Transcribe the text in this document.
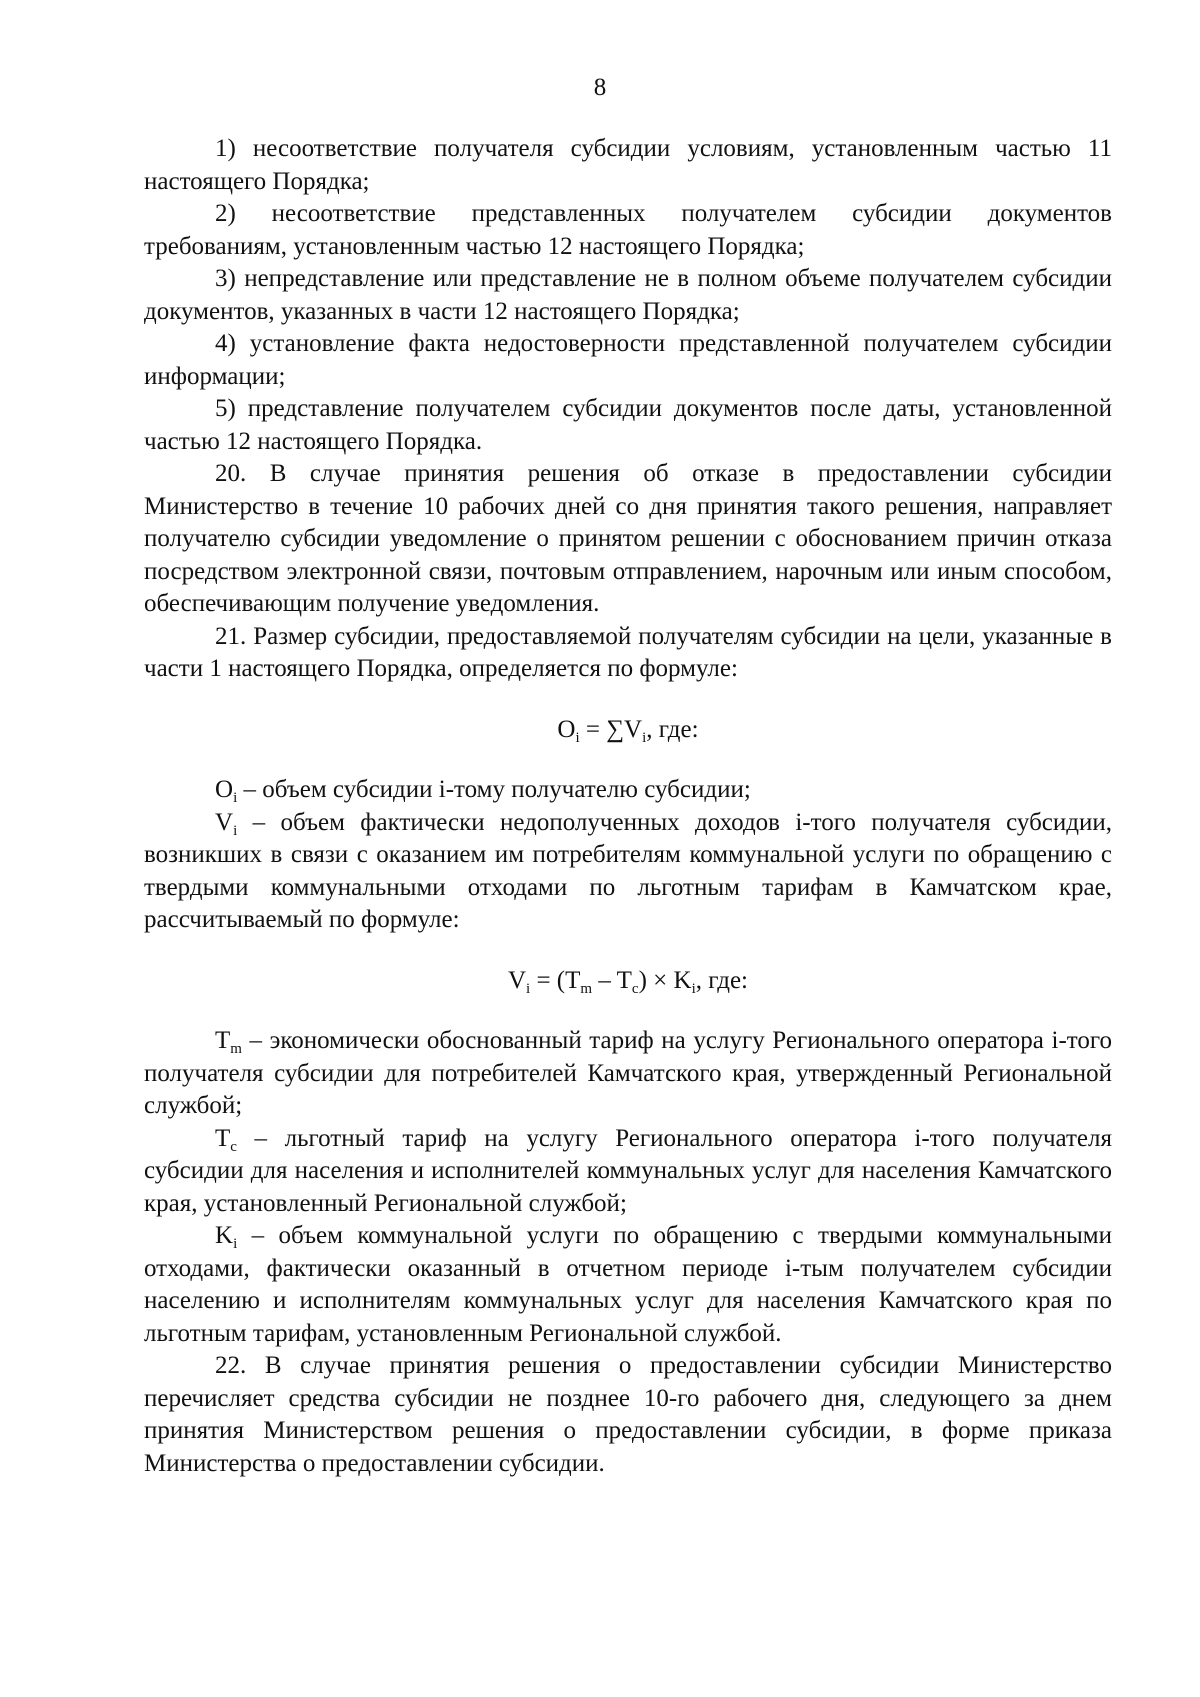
8

1) несоответствие получателя субсидии условиям, установленным частью 11 настоящего Порядка;

2) несоответствие представленных получателем субсидии документов требованиям, установленным частью 12 настоящего Порядка;

3) непредставление или представление не в полном объеме получателем субсидии документов, указанных в части 12 настоящего Порядка;

4) установление факта недостоверности представленной получателем субсидии информации;

5) представление получателем субсидии документов после даты, установленной частью 12 настоящего Порядка.

20. В случае принятия решения об отказе в предоставлении субсидии Министерство в течение 10 рабочих дней со дня принятия такого решения, направляет получателю субсидии уведомление о принятом решении с обоснованием причин отказа посредством электронной связи, почтовым отправлением, нарочным или иным способом, обеспечивающим получение уведомления.

21. Размер субсидии, предоставляемой получателям субсидии на цели, указанные в части 1 настоящего Порядка, определяется по формуле:

$O_i = \sum V_i$, где:

$O_i$ – объем субсидии i-тому получателю субсидии;

$V_i$ – объем фактически недополученных доходов i-того получателя субсидии, возникших в связи с оказанием им потребителям коммунальной услуги по обращению с твердыми коммунальными отходами по льготным тарифам в Камчатском крае, рассчитываемый по формуле:

$V_i = (T_m - T_c) \times K_i$, где:

$T_m$ – экономически обоснованный тариф на услугу Регионального оператора i-того получателя субсидии для потребителей Камчатского края, утвержденный Региональной службой;

$T_c$ – льготный тариф на услугу Регионального оператора i-того получателя субсидии для населения и исполнителей коммунальных услуг для населения Камчатского края, установленный Региональной службой;

$K_i$ – объем коммунальной услуги по обращению с твердыми коммунальными отходами, фактически оказанный в отчетном периоде i-тым получателем субсидии населению и исполнителям коммунальных услуг для населения Камчатского края по льготным тарифам, установленным Региональной службой.

22. В случае принятия решения о предоставлении субсидии Министерство перечисляет средства субсидии не позднее 10-го рабочего дня, следующего за днем принятия Министерством решения о предоставлении субсидии, в форме приказа Министерства о предоставлении субсидии.
